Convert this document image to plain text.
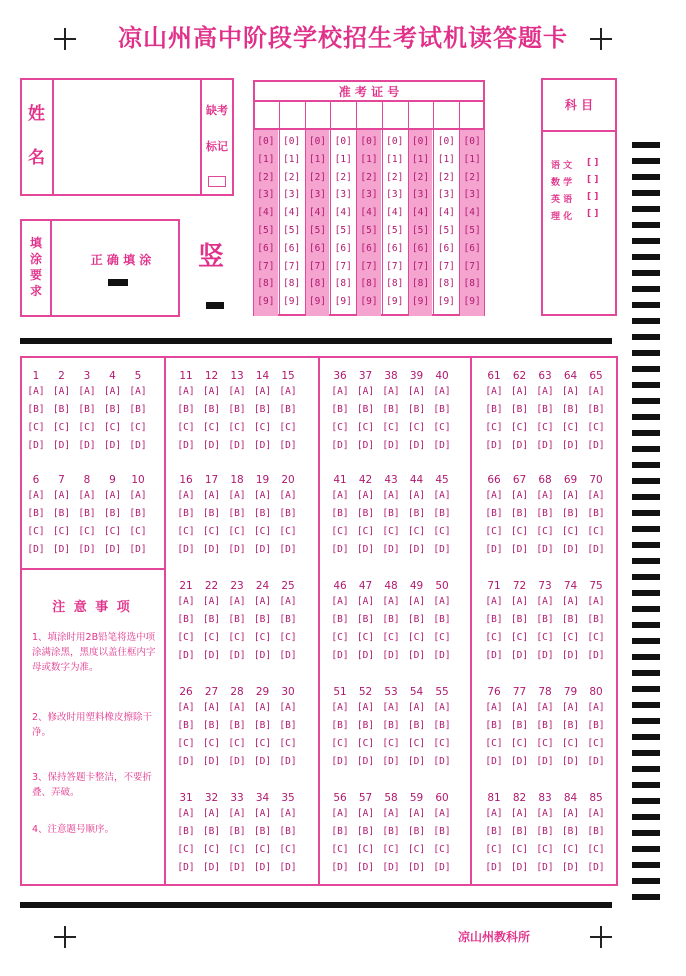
凉山州高中阶段学校招生考试机读答题卡
姓
名
缺考
标记
填
涂
要
求
正 确 填 涂	竖
准 考 证 号
[0]
[1]
[2]
[3]
[4]
[5]
[6]
[7]
[8]
[9]
[0]
[1]
[2]
[3]
[4]
[5]
[6]
[7]
[8]
[9]
[0]
[1]
[2]
[3]
[4]
[5]
[6]
[7]
[8]
[9]
[0]
[1]
[2]
[3]
[4]
[5]
[6]
[7]
[8]
[9]
[0]
[1]
[2]
[3]
[4]
[5]
[6]
[7]
[8]
[9]
[0]
[1]
[2]
[3]
[4]
[5]
[6]
[7]
[8]
[9]
[0]
[1]
[2]
[3]
[4]
[5]
[6]
[7]
[8]
[9]
[0]
[1]
[2]
[3]
[4]
[5]
[6]
[7]
[8]
[9]
[0]
[1]
[2]
[3]
[4]
[5]
[6]
[7]
[8]
[9]
科 目
语 文 [ ]
数 学 [ ]
英 语 [ ]
理 化 [ ]
1
[A]
[B]
[C]
[D]
2
[A]
[B]
[C]
[D]
3
[A]
[B]
[C]
[D]
4
[A]
[B]
[C]
[D]
5
[A]
[B]
[C]
[D]
6
[A]
[B]
[C]
[D]
7
[A]
[B]
[C]
[D]
8
[A]
[B]
[C]
[D]
9
[A]
[B]
[C]
[D]
10
[A]
[B]
[C]
[D]
11
[A]
[B]
[C]
[D]
12
[A]
[B]
[C]
[D]
13
[A]
[B]
[C]
[D]
14
[A]
[B]
[C]
[D]
15
[A]
[B]
[C]
[D]
16
[A]
[B]
[C]
[D]
17
[A]
[B]
[C]
[D]
18
[A]
[B]
[C]
[D]
19
[A]
[B]
[C]
[D]
20
[A]
[B]
[C]
[D]
21
[A]
[B]
[C]
[D]
22
[A]
[B]
[C]
[D]
23
[A]
[B]
[C]
[D]
24
[A]
[B]
[C]
[D]
25
[A]
[B]
[C]
[D]
26
[A]
[B]
[C]
[D]
27
[A]
[B]
[C]
[D]
28
[A]
[B]
[C]
[D]
29
[A]
[B]
[C]
[D]
30
[A]
[B]
[C]
[D]
31
[A]
[B]
[C]
[D]
32
[A]
[B]
[C]
[D]
33
[A]
[B]
[C]
[D]
34
[A]
[B]
[C]
[D]
35
[A]
[B]
[C]
[D]
36
[A]
[B]
[C]
[D]
37
[A]
[B]
[C]
[D]
38
[A]
[B]
[C]
[D]
39
[A]
[B]
[C]
[D]
40
[A]
[B]
[C]
[D]
41
[A]
[B]
[C]
[D]
42
[A]
[B]
[C]
[D]
43
[A]
[B]
[C]
[D]
44
[A]
[B]
[C]
[D]
45
[A]
[B]
[C]
[D]
46
[A]
[B]
[C]
[D]
47
[A]
[B]
[C]
[D]
48
[A]
[B]
[C]
[D]
49
[A]
[B]
[C]
[D]
50
[A]
[B]
[C]
[D]
51
[A]
[B]
[C]
[D]
52
[A]
[B]
[C]
[D]
53
[A]
[B]
[C]
[D]
54
[A]
[B]
[C]
[D]
55
[A]
[B]
[C]
[D]
56
[A]
[B]
[C]
[D]
57
[A]
[B]
[C]
[D]
58
[A]
[B]
[C]
[D]
59
[A]
[B]
[C]
[D]
60
[A]
[B]
[C]
[D]
61
[A]
[B]
[C]
[D]
62
[A]
[B]
[C]
[D]
63
[A]
[B]
[C]
[D]
64
[A]
[B]
[C]
[D]
65
[A]
[B]
[C]
[D]
66
[A]
[B]
[C]
[D]
67
[A]
[B]
[C]
[D]
68
[A]
[B]
[C]
[D]
69
[A]
[B]
[C]
[D]
70
[A]
[B]
[C]
[D]
71
[A]
[B]
[C]
[D]
72
[A]
[B]
[C]
[D]
73
[A]
[B]
[C]
[D]
74
[A]
[B]
[C]
[D]
75
[A]
[B]
[C]
[D]
76
[A]
[B]
[C]
[D]
77
[A]
[B]
[C]
[D]
78
[A]
[B]
[C]
[D]
79
[A]
[B]
[C]
[D]
80
[A]
[B]
[C]
[D]
81
[A]
[B]
[C]
[D]
82
[A]
[B]
[C]
[D]
83
[A]
[B]
[C]
[D]
84
[A]
[B]
[C]
[D]
85
[A]
[B]
[C]
[D]
注 意 事 项
1、填涂时用2B铅笔将选中项涂满涂黑，黑度以盖住框内字母或数字为准。
2、修改时用塑料橡皮擦除干净。
3、保持答题卡整洁，不要折叠、弄破。
4、注意题号顺序。
凉山州教科所
